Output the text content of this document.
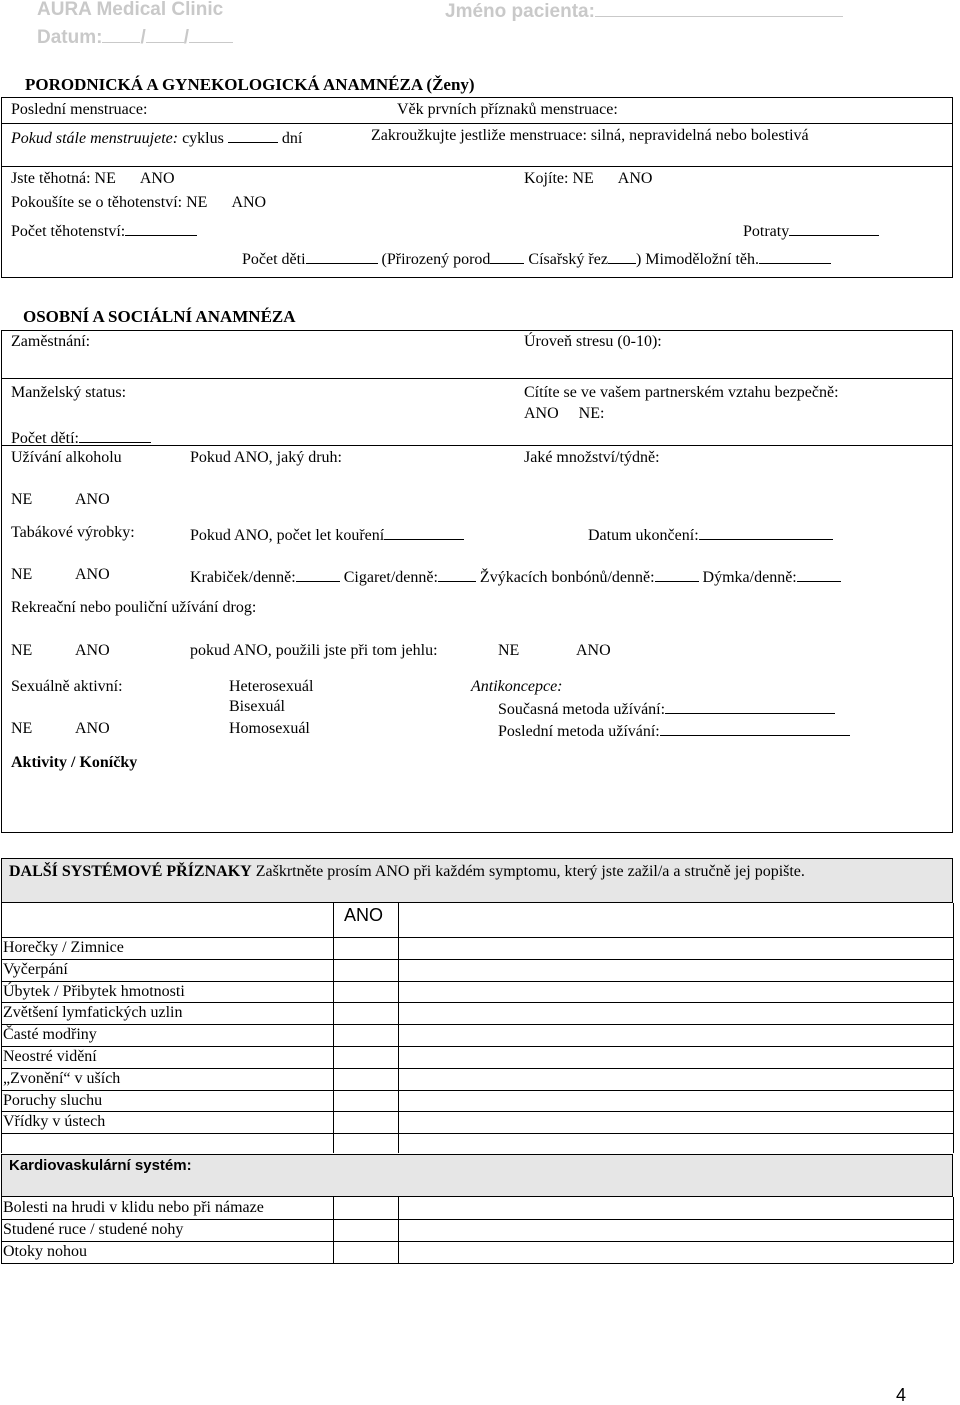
AURA Medical Clinic	Jméno pacienta:
Datum: / /
PORODNICKÁ A GYNEKOLOGICKÁ ANAMNÉZA (Ženy)
Poslední menstruace:	Věk prvních příznaků menstruace:
Pokud stále menstruujete: cyklus	dní	Zakroužkujte jestliže menstruace: silná, nepravidelná nebo bolestivá
Jste těhotná: NE ANO	Kojíte: NE ANO
Pokoušíte se o těhotenství: NE ANO
Počet těhotenství:	Potraty
Počet děti	(Přirozený porod Císařský řez ) Mimoděložní těh.
OSOBNÍ A SOCIÁLNÍ ANAMNÉZA
Zaměstnání:	Úroveň stresu (0-10):
Manželský status:	Cítíte se ve vašem partnerském vztahu bezpečně:
ANO     NE:
Počet dětí:
Užívání alkoholu	Pokud ANO, jaký druh:	Jaké množství/týdně:
NE	ANO
Tabákové výrobky:	Pokud ANO, počet let kouření	Datum ukončení:
NE	ANO	Krabiček/denně:	Cigaret/denně:	Žvýkacích bonbónů/denně:	Dýmka/denně:
Rekreační nebo pouliční užívání drog:
NE	ANO	pokud ANO, použili jste při tom jehlu:	NE	ANO
Sexuálně aktivní:	Heterosexuál	Antikoncepce:
Bisexuál	Současná metoda užívání:
NE	ANO	Homosexuál	Poslední metoda užívání:
Aktivity / Koníčky
DALŠÍ SYSTÉMOVÉ PŘÍZNAKY Zaškrtněte prosím ANO při každém symptomu, který jste zažil/a a stručně jej popište.
ANO
Horečky / Zimnice
Vyčerpání
Úbytek / Přibytek hmotnosti
Zvětšení lymfatických uzlin
Časté modřiny
Neostré vidění
„Zvonění“ v uších
Poruchy sluchu
Vřídky v ústech
Kardiovaskulární systém:
Bolesti na hrudi v klidu nebo při námaze
Studené ruce / studené nohy
Otoky nohou
4
